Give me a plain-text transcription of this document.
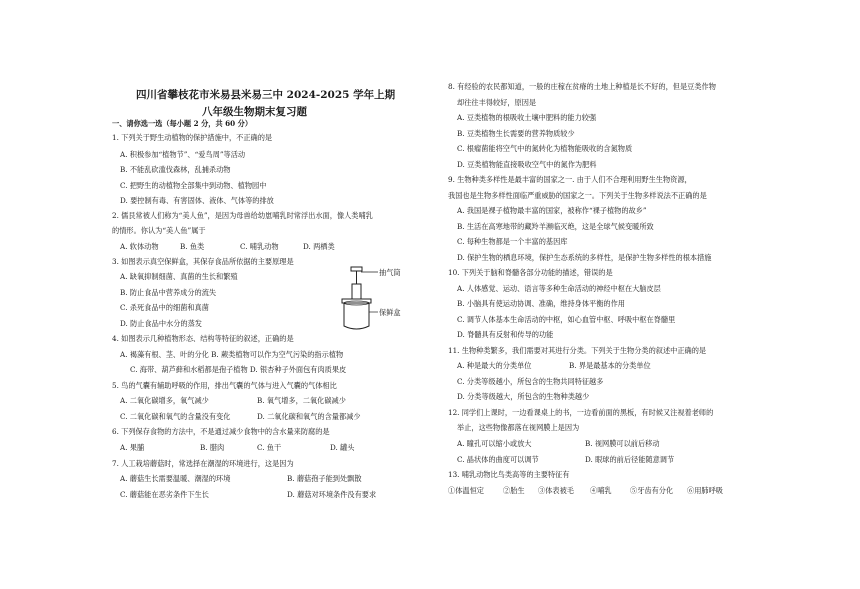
四川省攀枝花市米易县米易三中 2024-2025 学年上期
八年级生物期末复习题
一、请你选一选（每小题 2 分，共 60 分）
1. 下列关于野生动植物的保护措施中，不正确的是
A. 积极参加“植物节”、“爱鸟周”等活动
B. 不能乱砍滥伐森林，乱捕杀动物
C. 把野生的动植物全部集中到动物、植物园中
D. 要控制有毒、有害固体、液体、气体等的排放
2. 儒艮常被人们称为“美人鱼”，是因为母兽给幼崽哺乳时常浮出水面，像人类哺乳
的情形。你认为“美人鱼”属于
A. 软体动物	B. 鱼类	C. 哺乳动物	D. 两栖类
3. 如图表示真空保鲜盒，其保存食品所依据的主要原理是
A. 缺氧抑制细菌、真菌的生长和繁殖
B. 防止食品中营养成分的流失
C. 杀死食品中的细菌和真菌
D. 防止食品中水分的蒸发
抽气筒
保鲜盒
4. 如图表示几种植物形态、结构等特征的叙述，正确的是
A. 褐藻有根、茎、叶的分化 B. 蕨类植物可以作为空气污染的指示植物
C. 海带、葫芦藓和水稻都是孢子植物 D. 银杏种子外面包有肉质果皮
5. 鸟的气囊有辅助呼吸的作用，排出气囊的气体与进入气囊的气体相比
A. 二氧化碳增多，氧气减少	B. 氧气增多，二氧化碳减少
C. 二氧化碳和氧气的含量没有变化	D. 二氧化碳和氧气的含量都减少
6. 下列保存食物的方法中，不是通过减少食物中的含水量来防腐的是
A. 果脯	B. 腊肉	C. 鱼干	D. 罐头
7. 人工栽培蘑菇时，常选择在潮湿的环境进行，这是因为
A. 蘑菇生长需要温暖、潮湿的环境	B. 蘑菇孢子能到处飘散
C. 蘑菇能在恶劣条件下生长	D. 蘑菇对环境条件没有要求
8. 有经验的农民都知道，一般的庄稼在贫瘠的土地上种植是长不好的，但是豆类作物
却往往丰得较好，原因是
A. 豆类植物的根吸收土壤中肥料的能力较强
B. 豆类植物生长需要的营养物质较少
C. 根瘤菌能将空气中的氮转化为植物能吸收的含氮物质
D. 豆类植物能直接吸收空气中的氮作为肥料
9. 生物种类多样性是最丰富的国家之一. 由于人们不合理利用野生生物资源，
我国也是生物多样性面临严重威胁的国家之一。下列关于生物多样说法不正确的是
A. 我国是裸子植物最丰富的国家，被称作“裸子植物的故乡”
B. 生活在高寒地带的藏羚羊濒临灭绝，这是全球气候变暖所致
C. 每种生物都是一个丰富的基因库
D. 保护生物的栖息环境，保护生态系统的多样性，是保护生物多样性的根本措施
10. 下列关于脑和脊髓各部分功能的描述，错误的是
A. 人体感觉、运动、语言等多种生命活动的神经中枢在大脑皮层
B. 小脑具有使运动协调、准确，维持身体平衡的作用
C. 调节人体基本生命活动的中枢，如心血管中枢、呼吸中枢在脊髓里
D. 脊髓具有反射和传导的功能
11. 生物种类繁多，我们需要对其进行分类。下列关于生物分类的叙述中正确的是
A. 种是最大的分类单位	B. 界是最基本的分类单位
C. 分类等级越小，所包含的生物共同特征越多
D. 分类等级越大，所包含的生物种类越少
12. 同学们上课时，一边看课桌上的书，一边看前面的黑板，有时候又注视着老师的
举止，这些物像都落在视网膜上是因为
A. 瞳孔可以缩小或放大	B. 视网膜可以前后移动
C. 晶状体的曲度可以调节	D. 眼球的前后径能随意调节
13. 哺乳动物比鸟类高等的主要特征有
①体温恒定	②胎生 ③体表被毛 ④哺乳	⑤牙齿有分化 ⑥用肺呼吸
